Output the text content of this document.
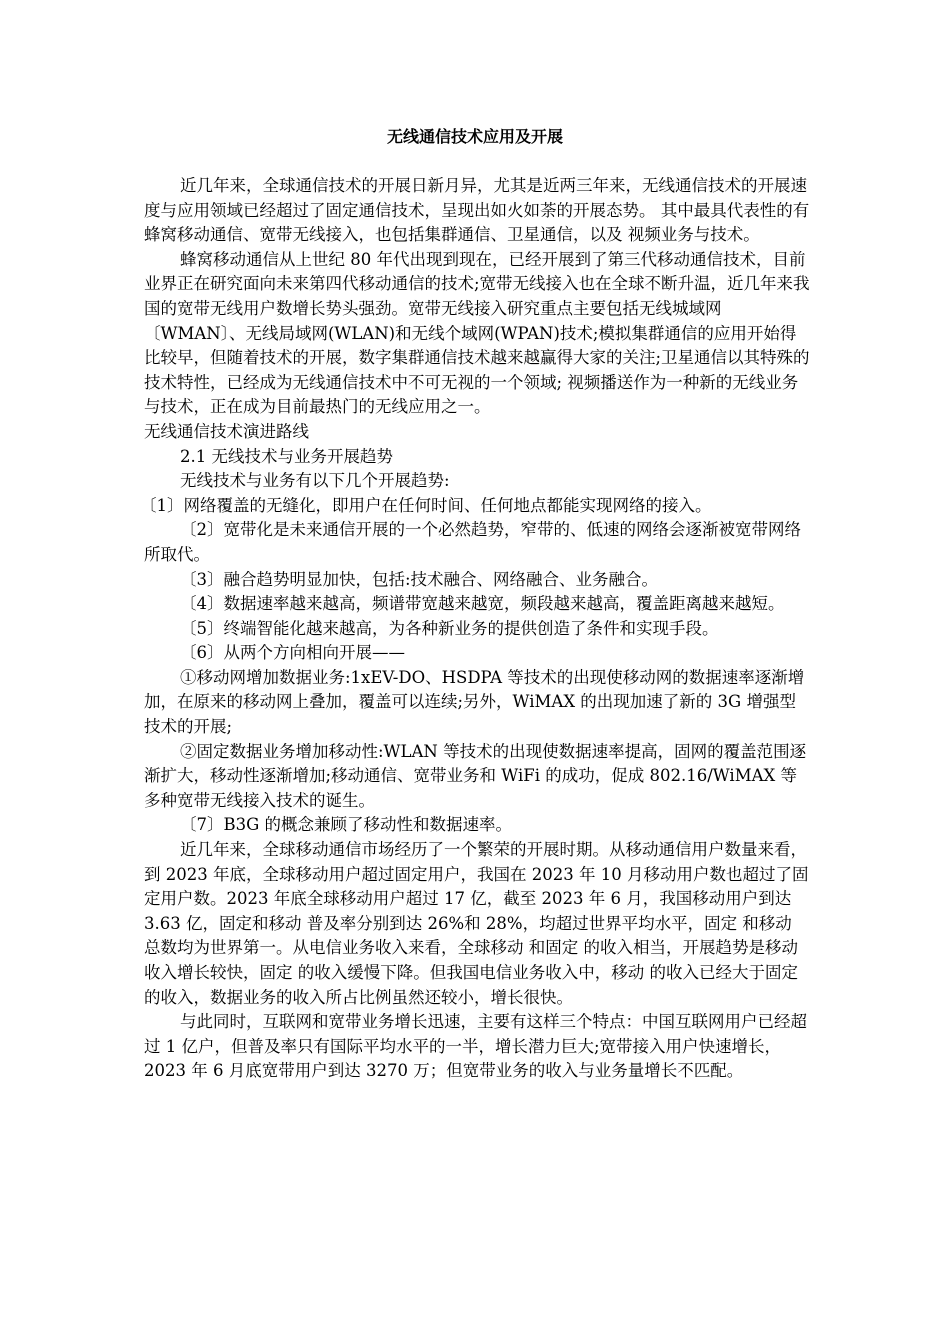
无线通信技术应用及开展

近几年来，全球通信技术的开展日新月异，尤其是近两三年来，无线通信技术的开展速度与应用领域已经超过了固定通信技术，呈现出如火如荼的开展态势。 其中最具代表性的有蜂窝移动通信、宽带无线接入，也包括集群通信、卫星通信，以及 视频业务与技术。

蜂窝移动通信从上世纪 80 年代出现到现在，已经开展到了第三代移动通信技术，目前业界正在研究面向未来第四代移动通信的技术;宽带无线接入也在全球不断升温，近几年来我国的宽带无线用户数增长势头强劲。宽带无线接入研究重点主要包括无线城域网〔WMAN〕、无线局域网(WLAN)和无线个域网(WPAN)技术;模拟集群通信的应用开始得比较早，但随着技术的开展，数字集群通信技术越来越赢得大家的关注;卫星通信以其特殊的技术特性，已经成为无线通信技术中不可无视的一个领域; 视频播送作为一种新的无线业务与技术，正在成为目前最热门的无线应用之一。

无线通信技术演进路线

2.1 无线技术与业务开展趋势

无线技术与业务有以下几个开展趋势:

〔1〕网络覆盖的无缝化，即用户在任何时间、任何地点都能实现网络的接入。

〔2〕宽带化是未来通信开展的一个必然趋势，窄带的、低速的网络会逐渐被宽带网络所取代。

〔3〕融合趋势明显加快，包括:技术融合、网络融合、业务融合。

〔4〕数据速率越来越高，频谱带宽越来越宽，频段越来越高，覆盖距离越来越短。

〔5〕终端智能化越来越高，为各种新业务的提供创造了条件和实现手段。

〔6〕从两个方向相向开展——

①移动网增加数据业务:1xEV-DO、HSDPA 等技术的出现使移动网的数据速率逐渐增加，在原来的移动网上叠加，覆盖可以连续;另外，WiMAX 的出现加速了新的 3G 增强型技术的开展;

②固定数据业务增加移动性:WLAN 等技术的出现使数据速率提高，固网的覆盖范围逐渐扩大，移动性逐渐增加;移动通信、宽带业务和 WiFi 的成功，促成 802.16/WiMAX 等多种宽带无线接入技术的诞生。

〔7〕B3G 的概念兼顾了移动性和数据速率。

近几年来，全球移动通信市场经历了一个繁荣的开展时期。从移动通信用户数量来看，到 2023 年底，全球移动用户超过固定用户，我国在 2023 年 10 月移动用户数也超过了固定用户数。2023 年底全球移动用户超过 17 亿，截至 2023 年 6 月，我国移动用户到达 3.63 亿，固定和移动 普及率分别到达 26%和 28%，均超过世界平均水平，固定 和移动 总数均为世界第一。从电信业务收入来看，全球移动 和固定 的收入相当，开展趋势是移动 收入增长较快，固定 的收入缓慢下降。但我国电信业务收入中，移动 的收入已经大于固定 的收入，数据业务的收入所占比例虽然还较小，增长很快。

与此同时，互联网和宽带业务增长迅速，主要有这样三个特点：中国互联网用户已经超过 1 亿户，但普及率只有国际平均水平的一半，增长潜力巨大;宽带接入用户快速增长，2023 年 6 月底宽带用户到达 3270 万；但宽带业务的收入与业务量增长不匹配。
